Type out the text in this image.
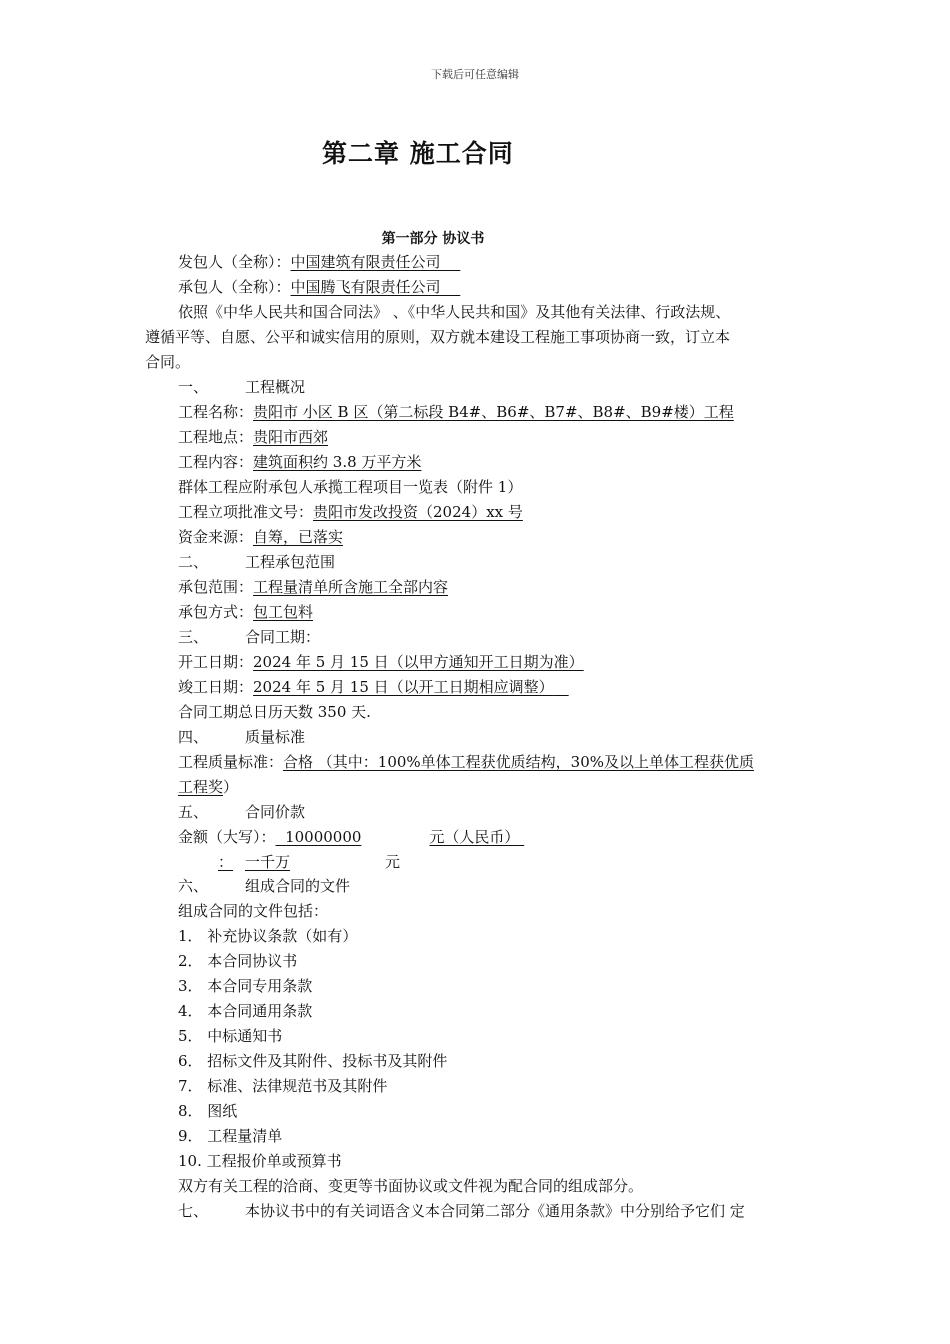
下载后可任意编辑
第二章 施工合同
第一部分 协议书
发包人（全称）：中国建筑有限责任公司 
承包人（全称）：中国腾飞有限责任公司 
依照《中华人民共和国合同法》 、《中华人民共和国》及其他有关法律、行政法规、
遵循平等、自愿、公平和诚实信用的原则，双方就本建设工程施工事项协商一致，订立本
合同。
一、 工程概况
工程名称：贵阳市 小区 B 区（第二标段 B4#、B6#、B7#、B8#、B9#楼）工程
工程地点：贵阳市西郊
工程内容：建筑面积约 3.8 万平方米
群体工程应附承包人承揽工程项目一览表（附件 1）
工程立项批准文号：贵阳市发改投资（2024）xx 号
资金来源：自筹，已落实
二、 工程承包范围
承包范围：工程量清单所含施工全部内容
承包方式：包工包料
三、 合同工期：
开工日期：2024 年 5 月 15 日（以甲方通知开工日期为准）
竣工日期：2024 年 5 月 15 日（以开工日期相应调整） 
合同工期总日历天数 350 天.
四、 质量标准
工程质量标准：合格 （其中：100%单体工程获优质结构，30%及以上单体工程获优质
工程奖）
五、 合同价款
金额（大写）： 10000000	元（人民币）
： 一千万	元
六、 组成合同的文件
组成合同的文件包括：
1． 补充协议条款（如有）
2． 本合同协议书
3． 本合同专用条款
4． 本合同通用条款
5． 中标通知书
6． 招标文件及其附件、投标书及其附件
7． 标准、法律规范书及其附件
8． 图纸
9． 工程量清单
10. 工程报价单或预算书
双方有关工程的洽商、变更等书面协议或文件视为配合同的组成部分。
七、 本协议书中的有关词语含义本合同第二部分《通用条款》中分别给予它们 定
